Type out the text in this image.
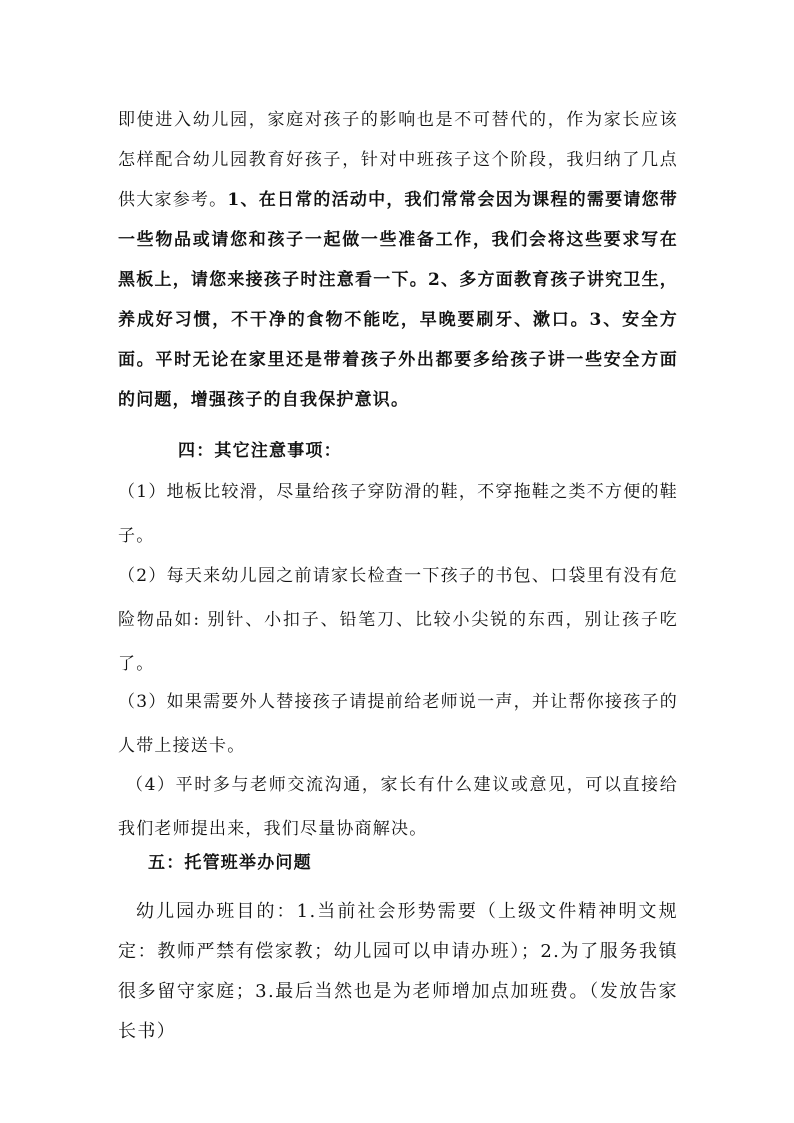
即使进入幼儿园，家庭对孩子的影响也是不可替代的，作为家长应该怎样配合幼儿园教育好孩子，针对中班孩子这个阶段，我归纳了几点供大家参考。1、在日常的活动中，我们常常会因为课程的需要请您带一些物品或请您和孩子一起做一些准备工作，我们会将这些要求写在黑板上，请您来接孩子时注意看一下。2、多方面教育孩子讲究卫生，养成好习惯，不干净的食物不能吃，早晚要刷牙、漱口。3、安全方面。平时无论在家里还是带着孩子外出都要多给孩子讲一些安全方面的问题，增强孩子的自我保护意识。

四：其它注意事项：

（1）地板比较滑，尽量给孩子穿防滑的鞋，不穿拖鞋之类不方便的鞋子。

（2）每天来幼儿园之前请家长检查一下孩子的书包、口袋里有没有危险物品如: 别针、小扣子、铅笔刀、比较小尖锐的东西，别让孩子吃了。

（3）如果需要外人替接孩子请提前给老师说一声，并让帮你接孩子的人带上接送卡。

（4）平时多与老师交流沟通，家长有什么建议或意见，可以直接给我们老师提出来，我们尽量协商解决。

五：托管班举办问题

幼儿园办班目的：1.当前社会形势需要（上级文件精神明文规定：教师严禁有偿家教；幼儿园可以申请办班）；2.为了服务我镇很多留守家庭；3.最后当然也是为老师增加点加班费。（发放告家长书）
